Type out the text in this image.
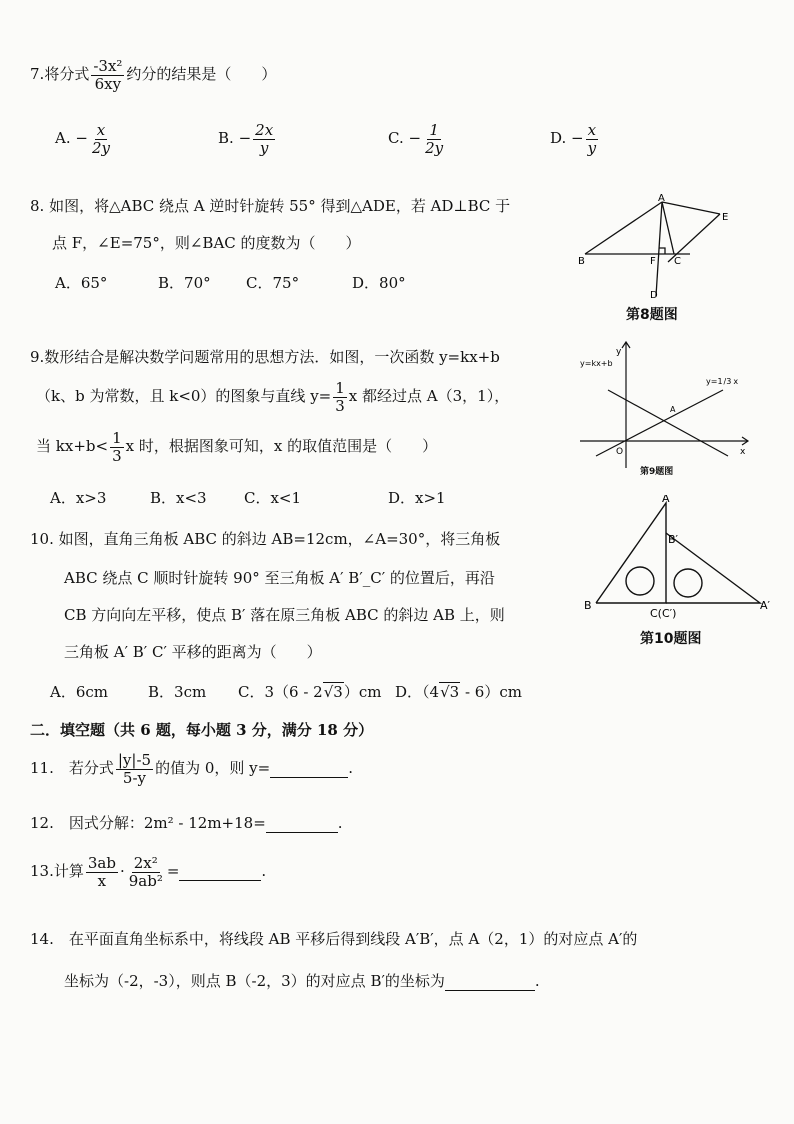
7.将分式 $\frac{\text{-3x²}}{6xy}$ 约分的结果是（　　）
A. − $\frac{x}{2y}$	B. − $\frac{2x}{y}$	C. − $\frac{1}{2y}$	D. − $\frac{x}{y}$
8. 如图，将△ABC 绕点 A 逆时针旋转 55° 得到△ADE，若 AD⊥BC 于
点 F，∠E=75°，则∠BAC 的度数为（　　）
A．65°	B．70° C．75°	D．80°
A
B	C
D
E
F
第8题图
9.数形结合是解决数学问题常用的思想方法．如图，一次函数 y=kx+b
（k、b 为常数，且 k<0）的图象与直线 $y= \frac{1}{3}$ x 都经过点 A（3，1），
当 $kx+b< \frac{1}{3}$ x 时，根据图象可知，x 的取值范围是（　　）
A．x>3	B．x<3 C．x<1	D．x>1
y=kx+b
y=1/3 x
y
x
O
A
第9题图
10. 如图，直角三角板 ABC 的斜边 AB=12cm，∠A=30°，将三角板
ABC 绕点 C 顺时针旋转 90° 至三角板 A′ B′_C′ 的位置后，再沿
CB 方向向左平移，使点 B′ 落在原三角板 ABC 的斜边 AB 上，则
三角板 A′ B′ C′ 平移的距离为（　　）
A．6cm	B．3cm C．3（6 - 2√3）cm D．（4√3 - 6）cm
A
B′
B
C(C′)
A′
第10题图
二．填空题（共 6 题，每小题 3 分，满分 18 分）
11.　若分式 $\frac{|y|-5}{5-y}$ 的值为 0，则 y=	.
12.　因式分解：2m² - 12m+18=	.
13.计算 $\frac{3ab}{x} \cdot \frac{\text{2x²}}{\text{9ab²}}$ =	.
14.　在平面直角坐标系中，将线段 AB 平移后得到线段 A′B′，点 A（2，1）的对应点 A′的
坐标为（-2，-3），则点 B（-2，3）的对应点 B′的坐标为	.
